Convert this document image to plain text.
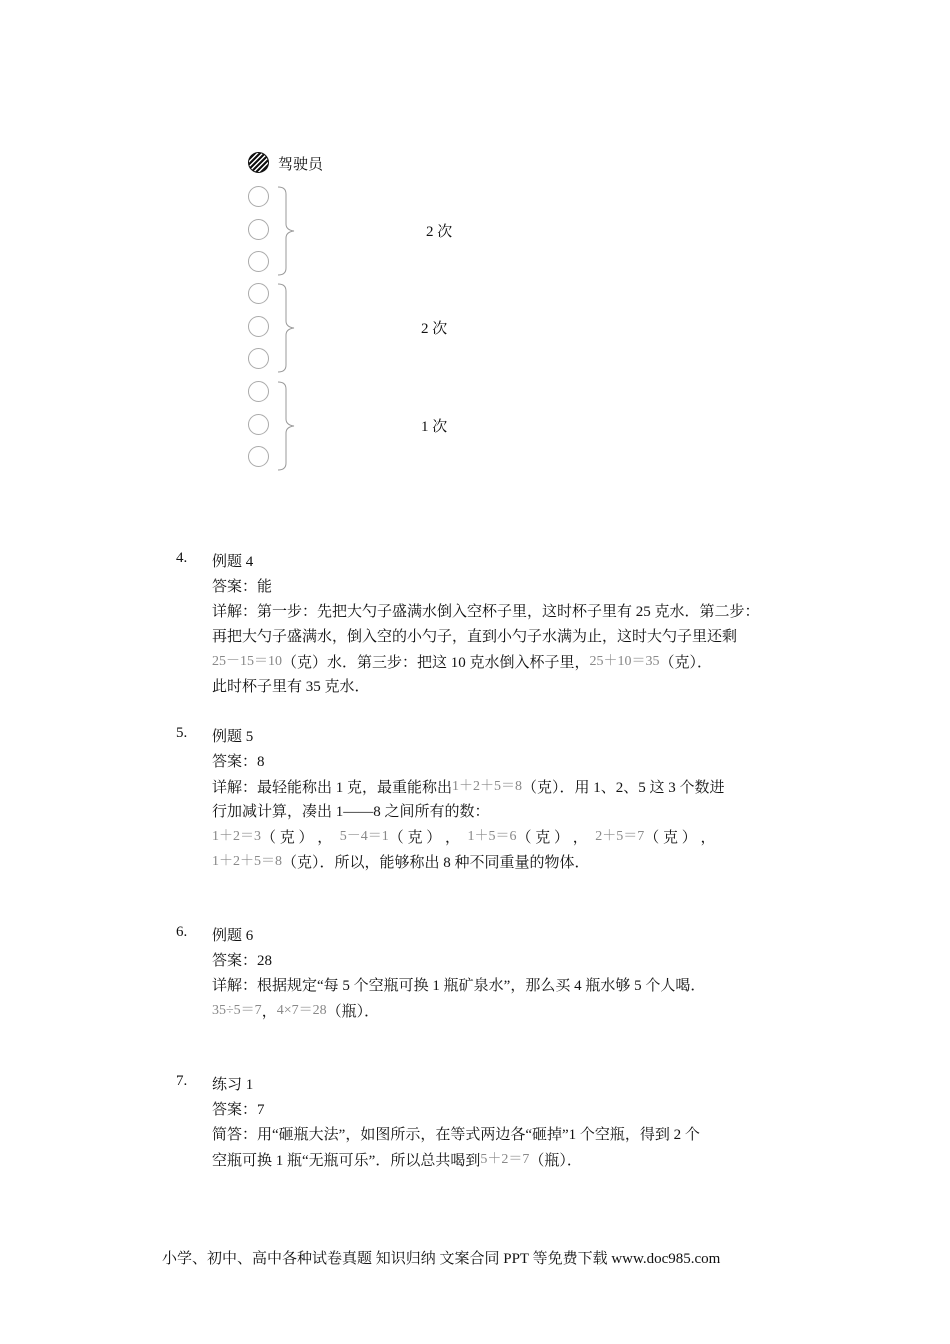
驾驶员
2 次
2 次
1 次
4. 例题 4
答案：能
详解：第一步：先把大勺子盛满水倒入空杯子里，这时杯子里有 25 克水．第二步：
再把大勺子盛满水，倒入空的小勺子，直到小勺子水满为止，这时大勺子里还剩
25－15＝10（克）水．第三步：把这 10 克水倒入杯子里，25＋10＝35（克）．
此时杯子里有 35 克水．
5. 例题 5
答案：8
详解：最轻能称出 1 克，最重能称出1＋2＋5＝8（克）．用 1、2、5 这 3 个数进
行加减计算，凑出 1——8 之间所有的数：
1＋2＝3（ 克 ） ，  5－4＝1（ 克 ） ，  1＋5＝6（ 克 ） ，  2＋5＝7（ 克 ） ，
1＋2＋5＝8（克）．所以，能够称出 8 种不同重量的物体．
6. 例题 6
答案：28
详解：根据规定“每 5 个空瓶可换 1 瓶矿泉水”，那么买 4 瓶水够 5 个人喝．
35÷5＝7，4×7＝28（瓶）．
7. 练习 1
答案：7
简答：用“砸瓶大法”，如图所示，在等式两边各“砸掉”1 个空瓶，得到 2 个
空瓶可换 1 瓶“无瓶可乐”．所以总共喝到5＋2＝7（瓶）．
小学、初中、高中各种试卷真题 知识归纳 文案合同 PPT 等免费下载 www.doc985.com
